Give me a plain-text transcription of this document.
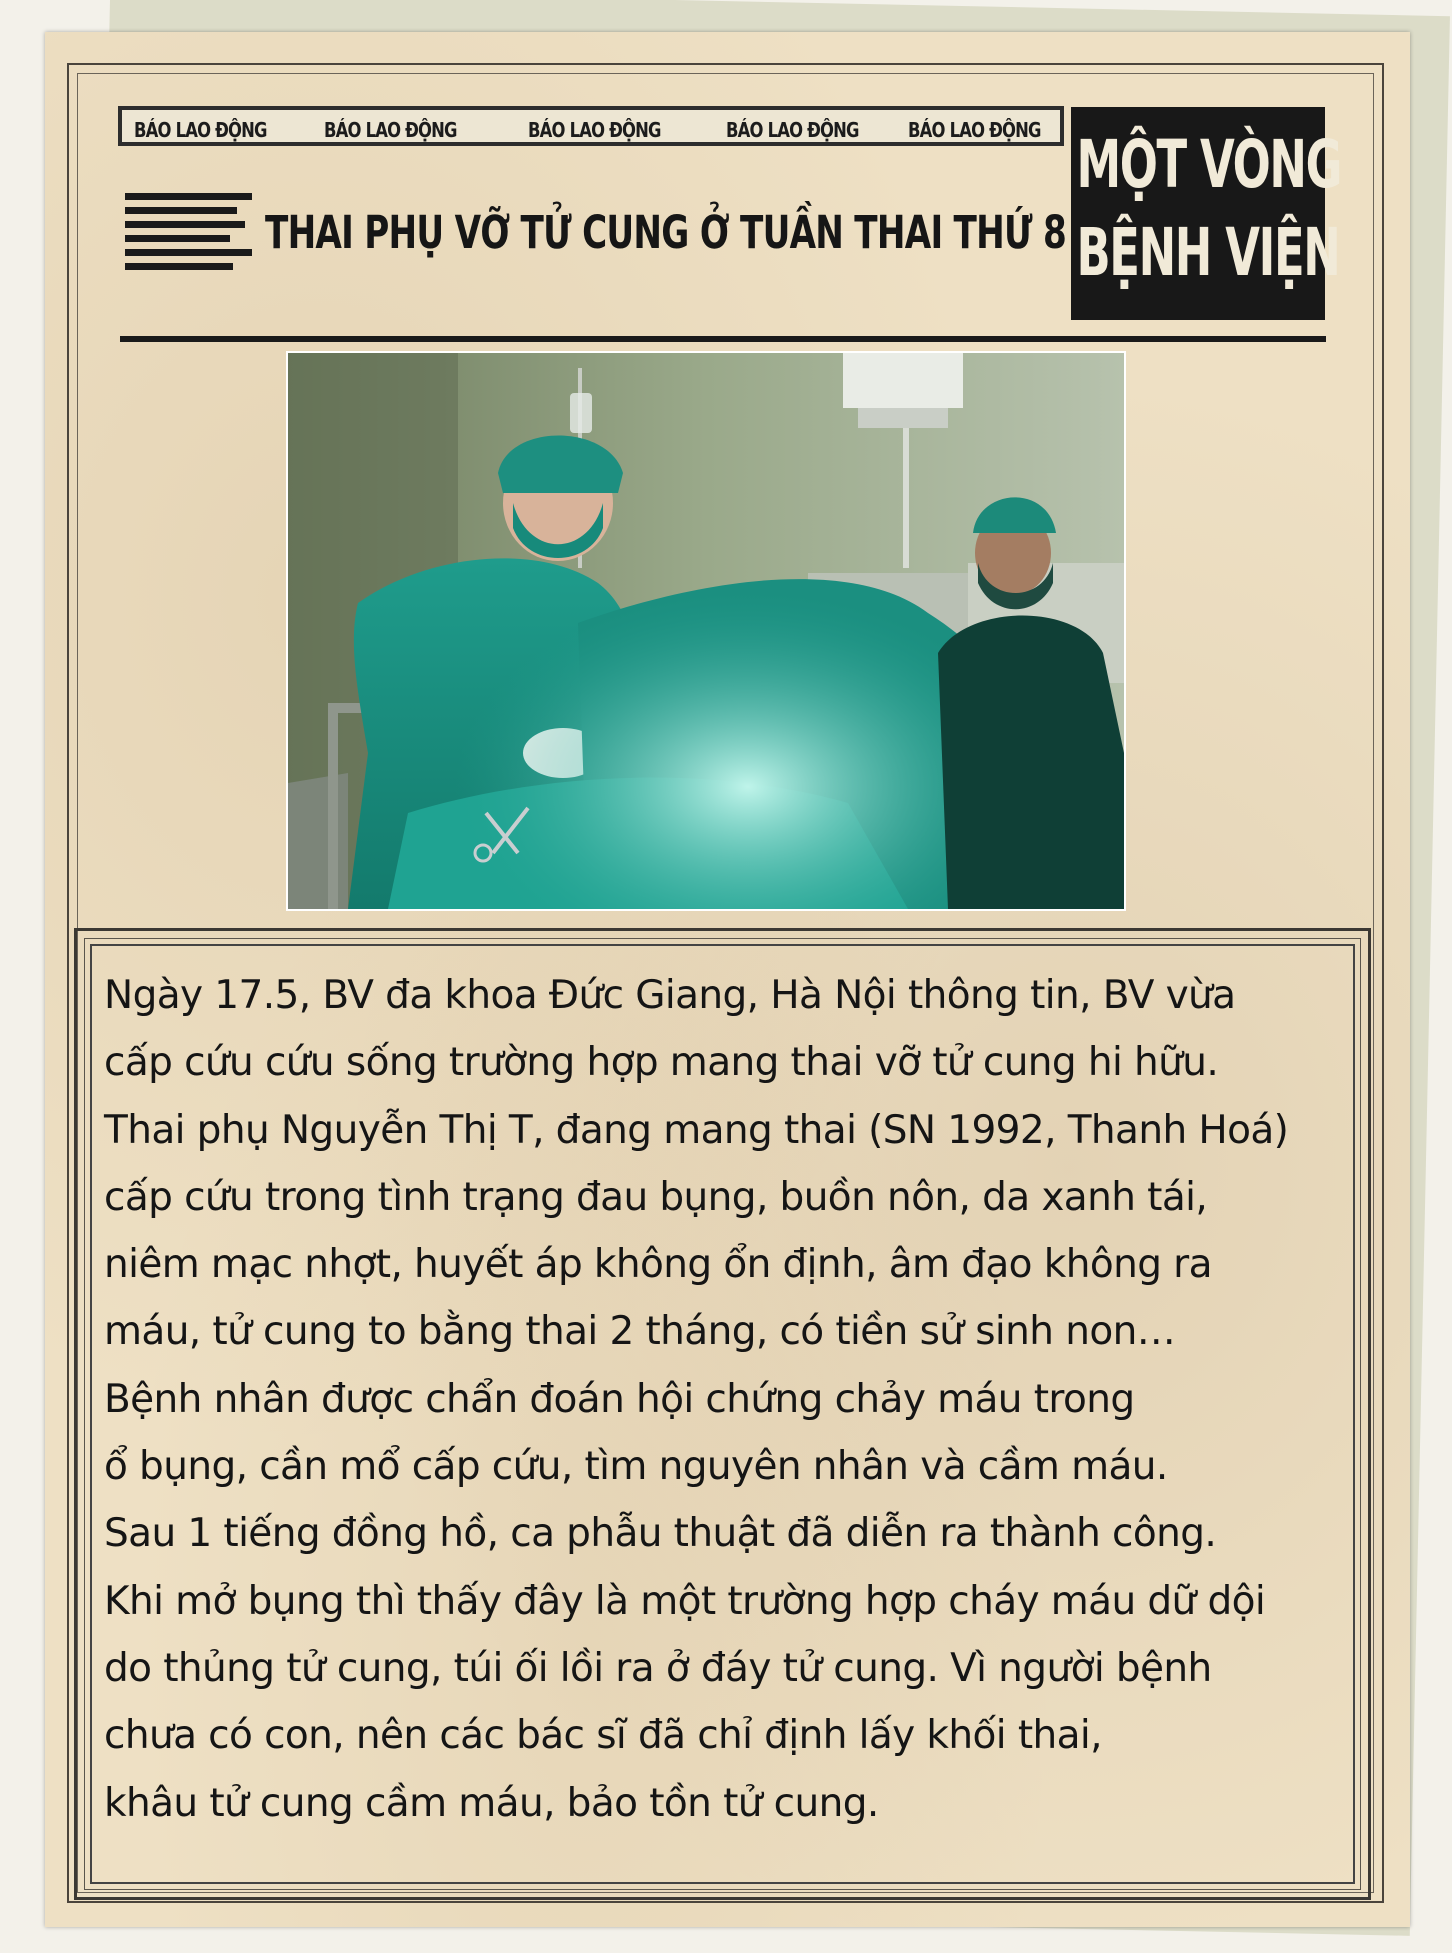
BÁO LAO ĐỘNG	BÁO LAO ĐỘNG	BÁO LAO ĐỘNG	BÁO LAO ĐỘNG BÁO LAO ĐỘNG
THAI PHỤ VỠ TỬ CUNG Ở TUẦN THAI THỨ 8
MỘT VÒNG
BỆNH VIỆN
Ngày 17.5, BV đa khoa Đức Giang, Hà Nội thông tin, BV vừa
cấp cứu cứu sống trường hợp mang thai vỡ tử cung hi hữu.
Thai phụ Nguyễn Thị T, đang mang thai (SN 1992, Thanh Hoá)
cấp cứu trong tình trạng đau bụng, buồn nôn, da xanh tái,
niêm mạc nhợt, huyết áp không ổn định, âm đạo không ra
máu, tử cung to bằng thai 2 tháng, có tiền sử sinh non…
Bệnh nhân được chẩn đoán hội chứng chảy máu trong
ổ bụng, cần mổ cấp cứu, tìm nguyên nhân và cầm máu.
Sau 1 tiếng đồng hồ, ca phẫu thuật đã diễn ra thành công.
Khi mở bụng thì thấy đây là một trường hợp cháy máu dữ dội
do thủng tử cung, túi ối lồi ra ở đáy tử cung. Vì người bệnh
chưa có con, nên các bác sĩ đã chỉ định lấy khối thai,
khâu tử cung cầm máu, bảo tồn tử cung.
